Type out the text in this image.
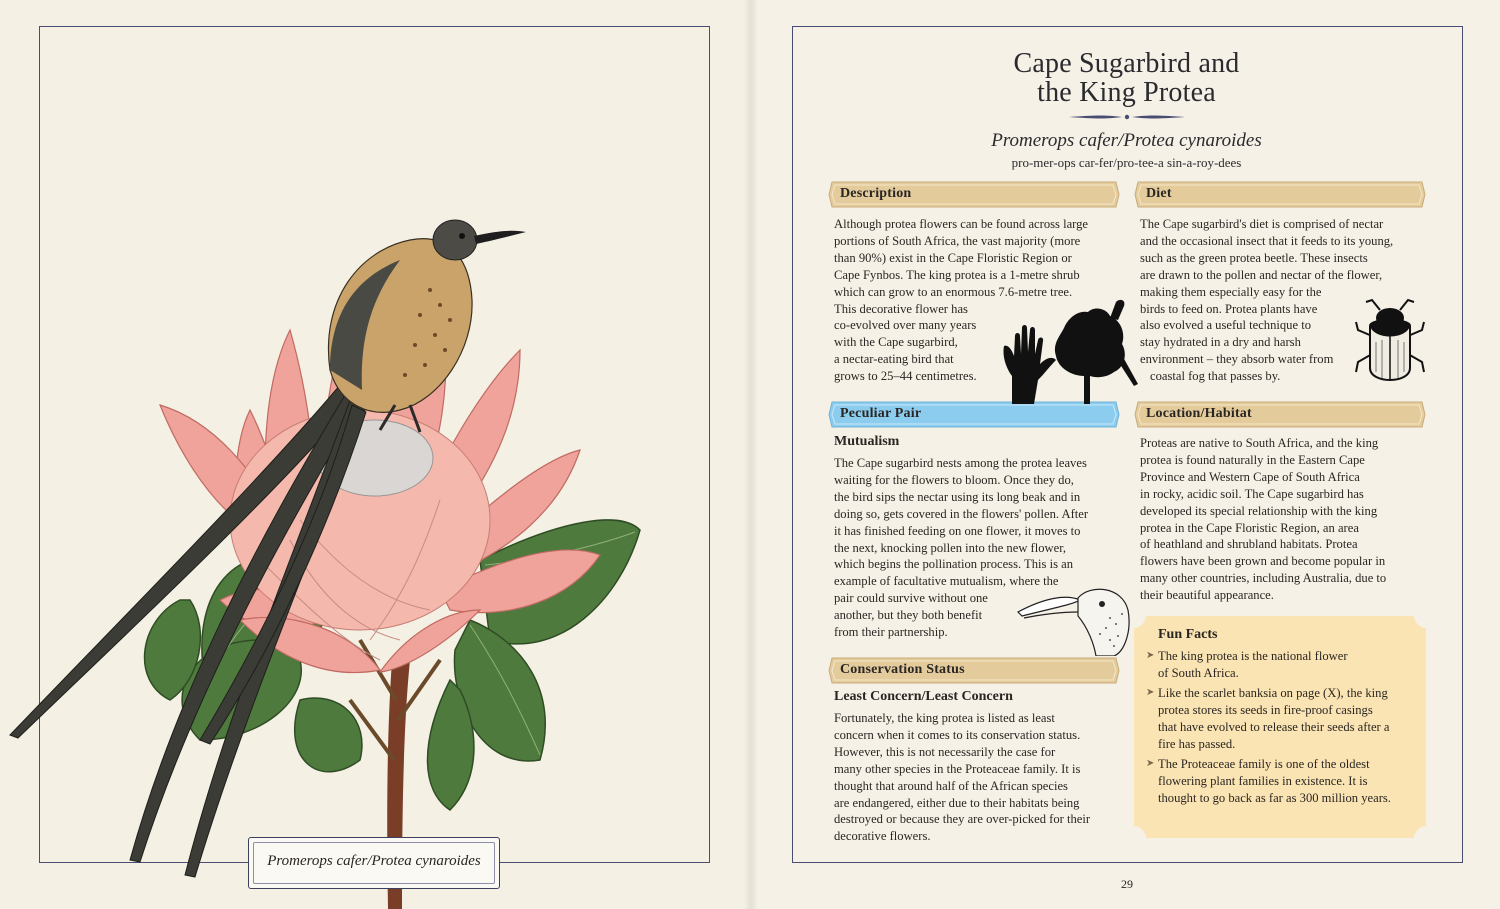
Promerops cafer/Protea cynaroides
Cape Sugarbird and
the King Protea
Promerops cafer/Protea cynaroides
pro-mer-ops car-fer/pro-tee-a sin-a-roy-dees
Description	Diet
Peculiar Pair	Location/Habitat
Conservation Status
Although protea flowers can be found across large
portions of South Africa, the vast majority (more
than 90%) exist in the Cape Floristic Region or
Cape Fynbos. The king protea is a 1-metre shrub
which can grow to an enormous 7.6-metre tree.
This decorative flower has
co-evolved over many years
with the Cape sugarbird,
a nectar-eating bird that
grows to 25–44 centimetres.
The Cape sugarbird's diet is comprised of nectar
and the occasional insect that it feeds to its young,
such as the green protea beetle. These insects
are drawn to the pollen and nectar of the flower,
making them especially easy for the
birds to feed on. Protea plants have
also evolved a useful technique to
stay hydrated in a dry and harsh
environment – they absorb water from
coastal fog that passes by.
Mutualism
The Cape sugarbird nests among the protea leaves
waiting for the flowers to bloom. Once they do,
the bird sips the nectar using its long beak and in
doing so, gets covered in the flowers' pollen. After
it has finished feeding on one flower, it moves to
the next, knocking pollen into the new flower,
which begins the pollination process. This is an
example of facultative mutualism, where the
pair could survive without one
another, but they both benefit
from their partnership.
Proteas are native to South Africa, and the king
protea is found naturally in the Eastern Cape
Province and Western Cape of South Africa
in rocky, acidic soil. The Cape sugarbird has
developed its special relationship with the king
protea in the Cape Floristic Region, an area
of heathland and shrubland habitats. Protea
flowers have been grown and become popular in
many other countries, including Australia, due to
their beautiful appearance.
Fun Facts
➤ The king protea is the national flower
of South Africa.
➤ Like the scarlet banksia on page (X), the king
protea stores its seeds in fire-proof casings
that have evolved to release their seeds after a
fire has passed.
➤ The Proteaceae family is one of the oldest
flowering plant families in existence. It is
thought to go back as far as 300 million years.
Least Concern/Least Concern
Fortunately, the king protea is listed as least
concern when it comes to its conservation status.
However, this is not necessarily the case for
many other species in the Proteaceae family. It is
thought that around half of the African species
are endangered, either due to their habitats being
destroyed or because they are over-picked for their
decorative flowers.
29
